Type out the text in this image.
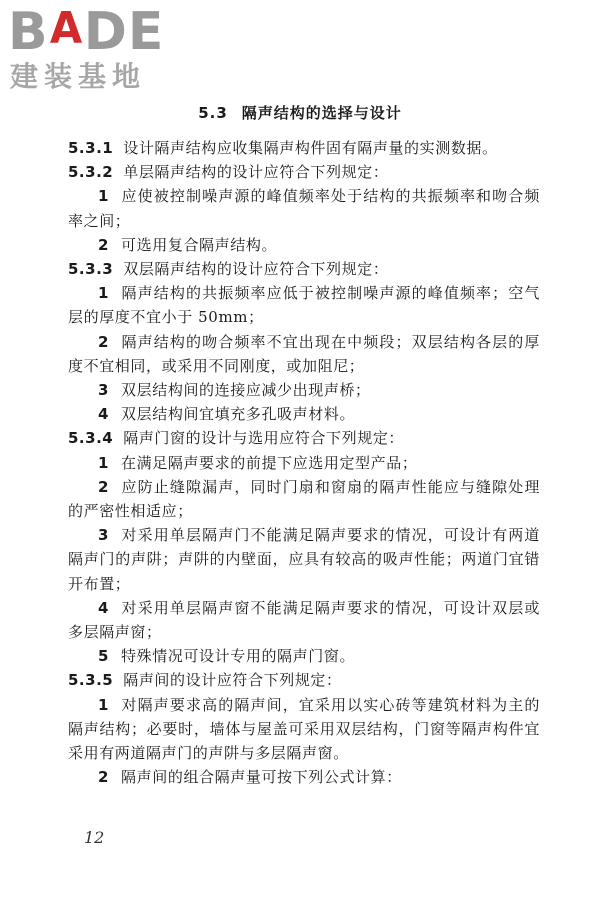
BADE
建装基地
5.3 隔声结构的选择与设计

5.3.1 设计隔声结构应收集隔声构件固有隔声量的实测数据。

5.3.2 单层隔声结构的设计应符合下列规定：

1 应使被控制噪声源的峰值频率处于结构的共振频率和吻合频率之间；

2 可选用复合隔声结构。

5.3.3 双层隔声结构的设计应符合下列规定：

1 隔声结构的共振频率应低于被控制噪声源的峰值频率；空气层的厚度不宜小于 50mm；

2 隔声结构的吻合频率不宜出现在中频段；双层结构各层的厚度不宜相同，或采用不同刚度，或加阻尼；

3 双层结构间的连接应减少出现声桥；

4 双层结构间宜填充多孔吸声材料。

5.3.4 隔声门窗的设计与选用应符合下列规定：

1 在满足隔声要求的前提下应选用定型产品；

2 应防止缝隙漏声，同时门扇和窗扇的隔声性能应与缝隙处理的严密性相适应；

3 对采用单层隔声门不能满足隔声要求的情况，可设计有两道隔声门的声阱；声阱的内壁面，应具有较高的吸声性能；两道门宜错开布置；

4 对采用单层隔声窗不能满足隔声要求的情况，可设计双层或多层隔声窗；

5 特殊情况可设计专用的隔声门窗。

5.3.5 隔声间的设计应符合下列规定：

1 对隔声要求高的隔声间，宜采用以实心砖等建筑材料为主的隔声结构；必要时，墙体与屋盖可采用双层结构，门窗等隔声构件宜采用有两道隔声门的声阱与多层隔声窗。

2 隔声间的组合隔声量可按下列公式计算：

12
